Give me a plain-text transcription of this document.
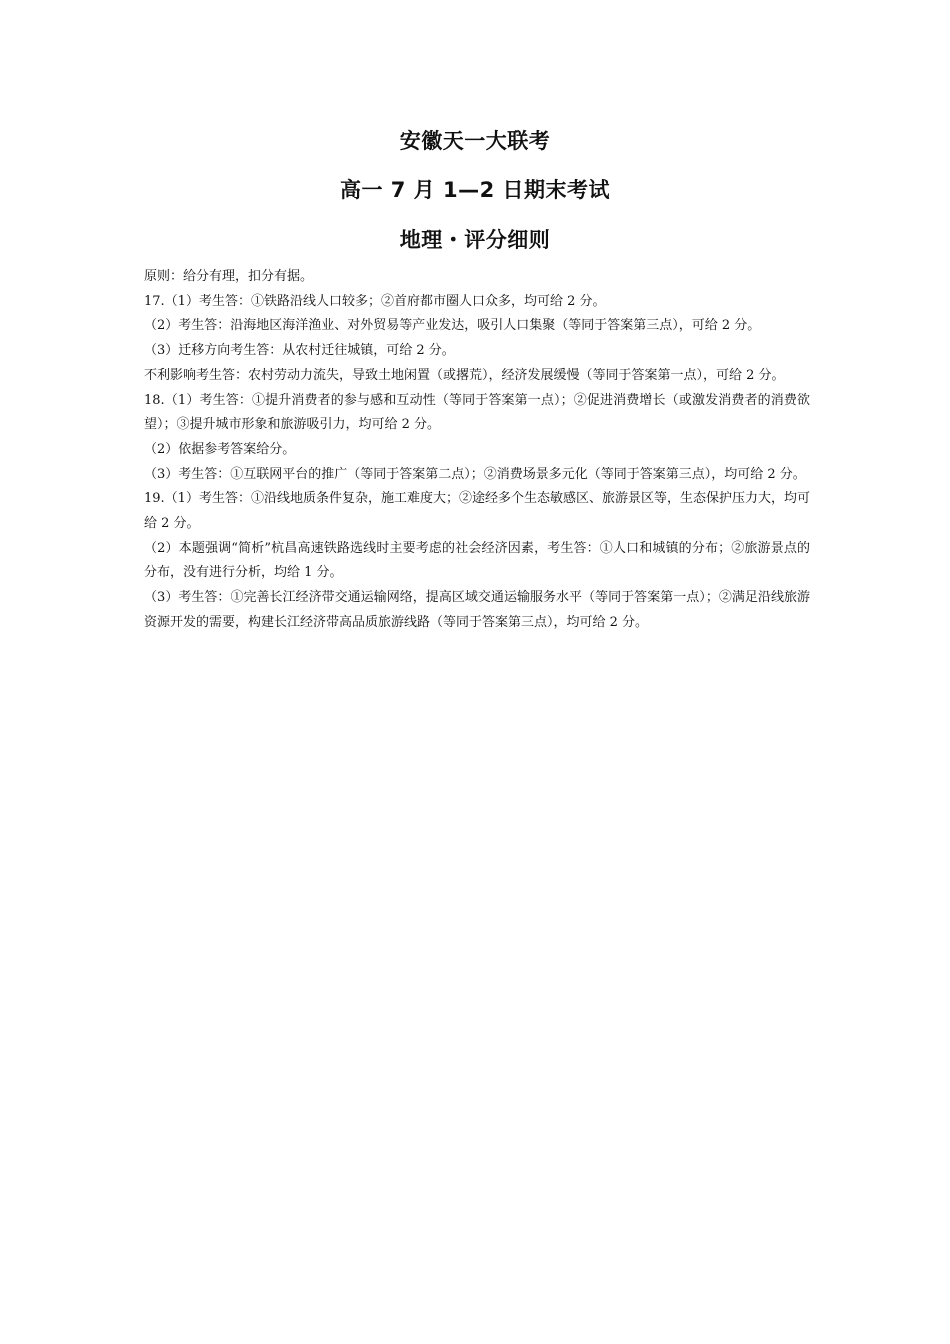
安徽天一大联考
高一 7 月 1—2 日期末考试
地理・评分细则

原则：给分有理，扣分有据。

17.（1）考生答：①铁路沿线人口较多；②首府都市圈人口众多，均可给 2 分。

（2）考生答：沿海地区海洋渔业、对外贸易等产业发达，吸引人口集聚（等同于答案第三点），可给 2 分。

（3）迁移方向考生答：从农村迁往城镇，可给 2 分。

不利影响考生答：农村劳动力流失，导致土地闲置（或撂荒），经济发展缓慢（等同于答案第一点），可给 2 分。

18.（1）考生答：①提升消费者的参与感和互动性（等同于答案第一点）；②促进消费增长（或激发消费者的消费欲望）；③提升城市形象和旅游吸引力，均可给 2 分。

（2）依据参考答案给分。

（3）考生答：①互联网平台的推广（等同于答案第二点）；②消费场景多元化（等同于答案第三点），均可给 2 分。

19.（1）考生答：①沿线地质条件复杂，施工难度大；②途经多个生态敏感区、旅游景区等，生态保护压力大，均可给 2 分。

（2）本题强调“简析”杭昌高速铁路选线时主要考虑的社会经济因素，考生答：①人口和城镇的分布；②旅游景点的分布，没有进行分析，均给 1 分。

（3）考生答：①完善长江经济带交通运输网络，提高区域交通运输服务水平（等同于答案第一点）；②满足沿线旅游资源开发的需要，构建长江经济带高品质旅游线路（等同于答案第三点），均可给 2 分。
